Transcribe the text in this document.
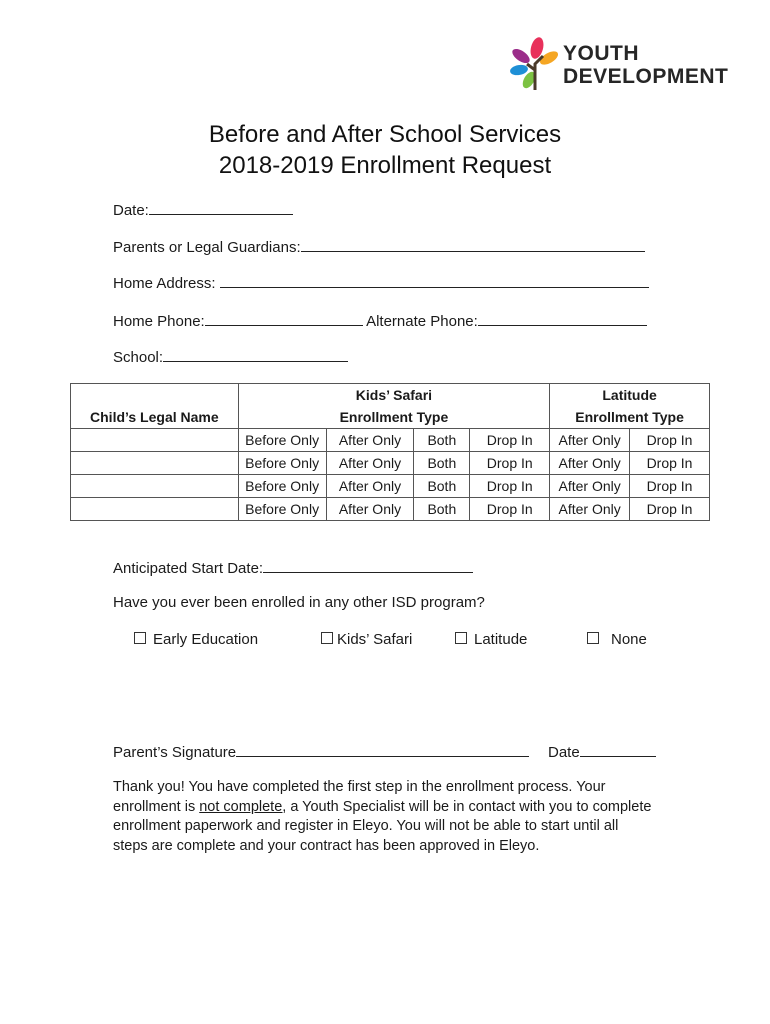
YOUTH
DEVELOPMENT
Before and After School Services
2018-2019 Enrollment Request
Date:
Parents or Legal Guardians:
Home Address:
Home Phone:	Alternate Phone:
School:
	Kids’ Safari				Latitude	
Child’s Legal Name	Enrollment Type				Enrollment Type	
	Before Only	After Only	Both	Drop In	After Only	Drop In
	Before Only	After Only	Both	Drop In	After Only	Drop In
	Before Only	After Only	Both	Drop In	After Only	Drop In
	Before Only	After Only	Both	Drop In	After Only	Drop In
Anticipated Start Date:
Have you ever been enrolled in any other ISD program?
Early Education	Kids’ Safari	Latitude	None
Parent’s Signature	Date
Thank you! You have completed the first step in the enrollment process. Your enrollment is not complete, a Youth Specialist will be in contact with you to complete enrollment paperwork and register in Eleyo. You will not be able to start until all steps are complete and your contract has been approved in Eleyo.
